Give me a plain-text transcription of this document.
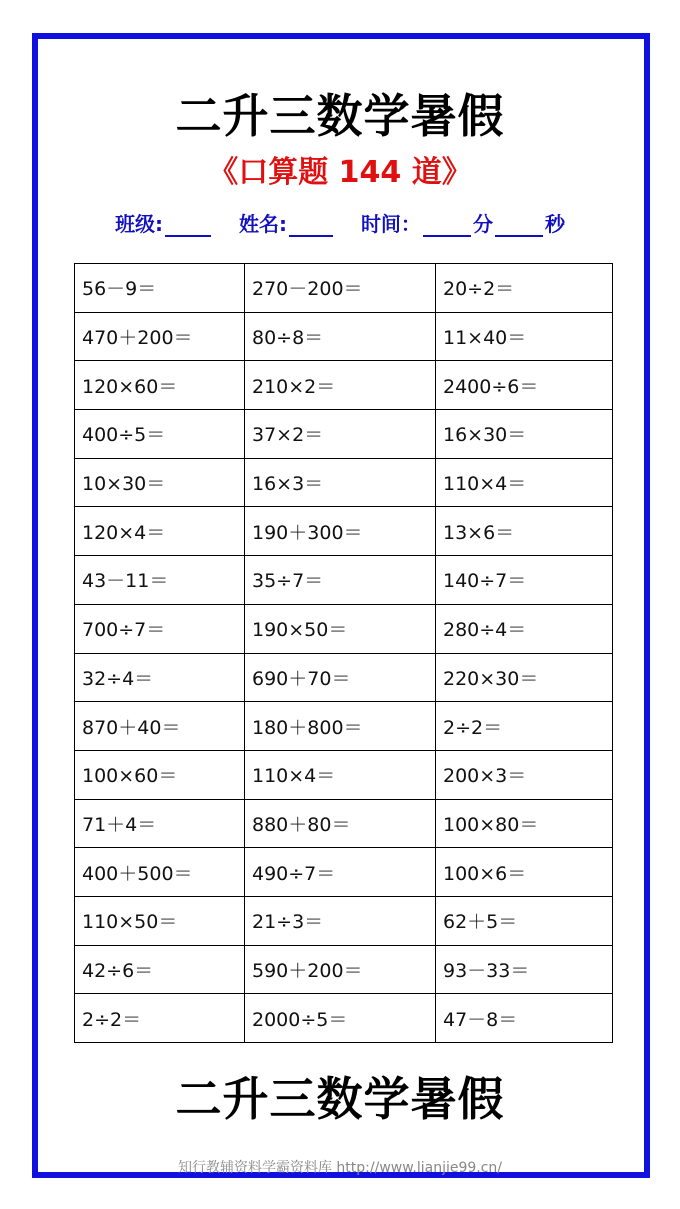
二升三数学暑假
《口算题 144 道》
班级:	姓名:	时间：	分	秒
56－9＝	270－200＝	20÷2＝
470＋200＝	80÷8＝	11×40＝
120×60＝	210×2＝	2400÷6＝
400÷5＝	37×2＝	16×30＝
10×30＝	16×3＝	110×4＝
120×4＝	190＋300＝	13×6＝
43－11＝	35÷7＝	140÷7＝
700÷7＝	190×50＝	280÷4＝
32÷4＝	690＋70＝	220×30＝
870＋40＝	180＋800＝	2÷2＝
100×60＝	110×4＝	200×3＝
71＋4＝	880＋80＝	100×80＝
400＋500＝	490÷7＝	100×6＝
110×50＝	21÷3＝	62＋5＝
42÷6＝	590＋200＝	93－33＝
2÷2＝	2000÷5＝	47－8＝
二升三数学暑假
知行教辅资料学霸资料库 http://www.lianjie99.cn/
